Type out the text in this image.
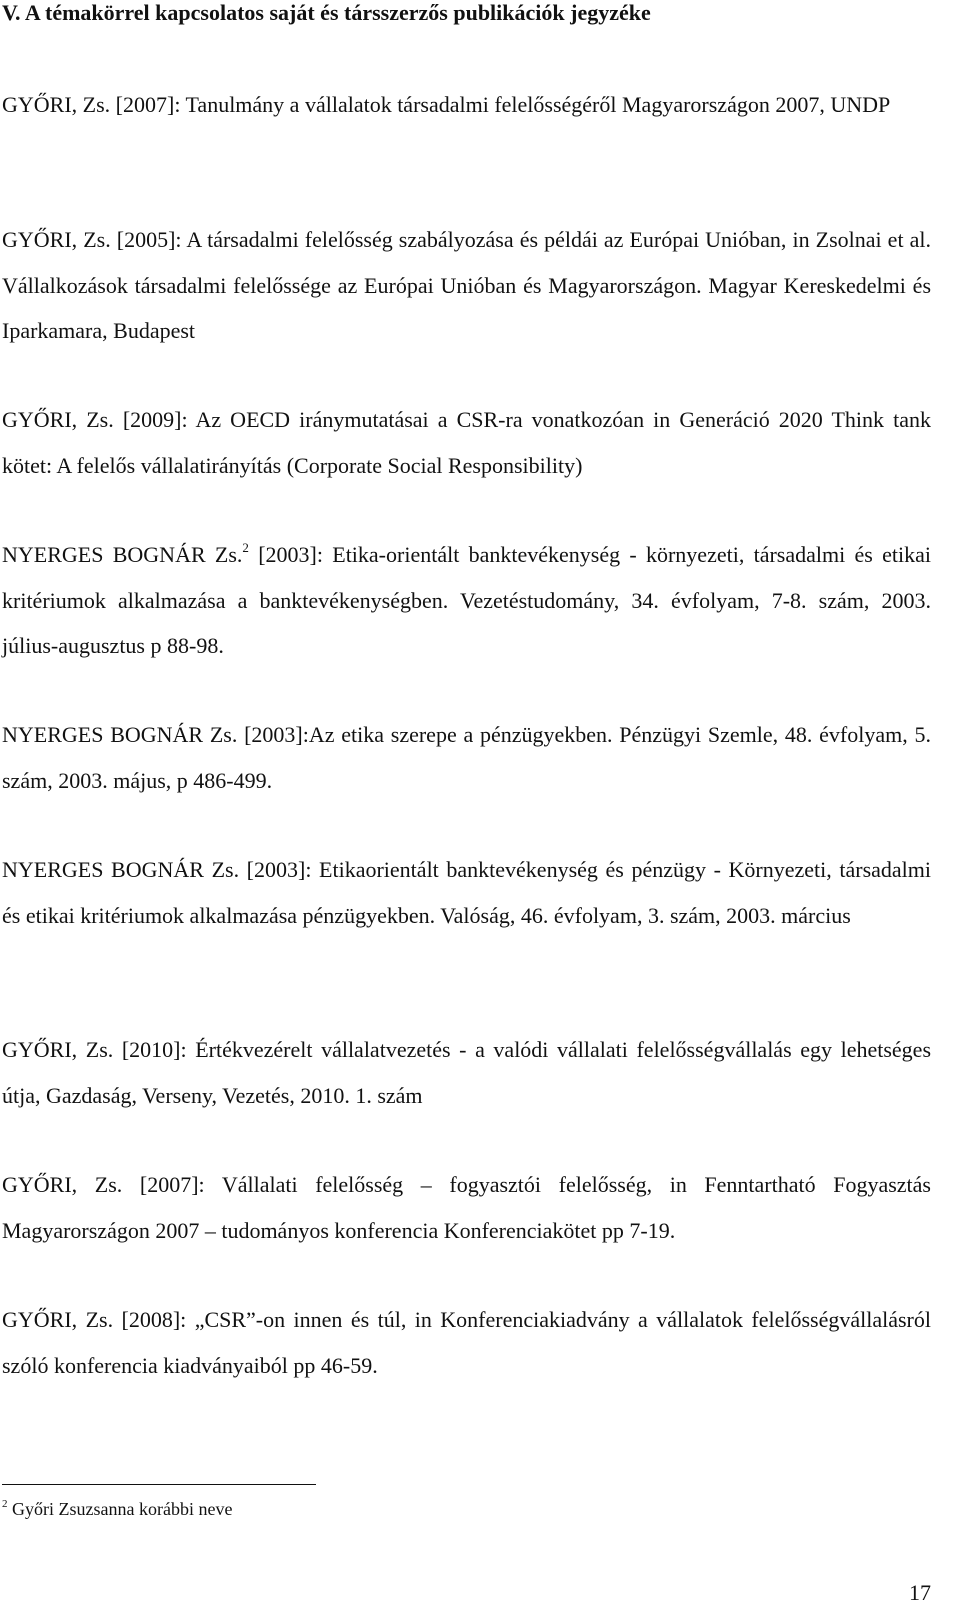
V. A témakörrel kapcsolatos saját és társszerzős publikációk jegyzéke

GYŐRI, Zs. [2007]: Tanulmány a vállalatok társadalmi felelősségéről Magyarországon 2007, UNDP

GYŐRI, Zs. [2005]: A társadalmi felelősség szabályozása és példái az Európai Unióban, in Zsolnai et al. Vállalkozások társadalmi felelőssége az Európai Unióban és Magyarországon. Magyar Kereskedelmi és Iparkamara, Budapest

GYŐRI, Zs. [2009]: Az OECD iránymutatásai a CSR-ra vonatkozóan in Generáció 2020 Think tank kötet: A felelős vállalatirányítás (Corporate Social Responsibility)

NYERGES BOGNÁR Zs.$^2$ [2003]: Etika-orientált banktevékenység - környezeti, társadalmi és etikai kritériumok alkalmazása a banktevékenységben. Vezetéstudomány, 34. évfolyam, 7-8. szám, 2003. július-augusztus p 88-98.

NYERGES BOGNÁR Zs. [2003]:Az etika szerepe a pénzügyekben. Pénzügyi Szemle, 48. évfolyam, 5. szám, 2003. május, p 486-499.

NYERGES BOGNÁR Zs. [2003]: Etikaorientált banktevékenység és pénzügy - Környezeti, társadalmi és etikai kritériumok alkalmazása pénzügyekben. Valóság, 46. évfolyam, 3. szám, 2003. március

GYŐRI, Zs. [2010]: Értékvezérelt vállalatvezetés - a valódi vállalati felelősségvállalás egy lehetséges útja, Gazdaság, Verseny, Vezetés, 2010. 1. szám

GYŐRI, Zs. [2007]: Vállalati felelősség – fogyasztói felelősség, in Fenntartható Fogyasztás Magyarországon 2007 – tudományos konferencia Konferenciakötet pp 7-19.

GYŐRI, Zs. [2008]: „CSR”-on innen és túl, in Konferenciakiadvány a vállalatok felelősségvállalásról szóló konferencia kiadványaiból pp 46-59.

$^2$ Győri Zsuzsanna korábbi neve

17
